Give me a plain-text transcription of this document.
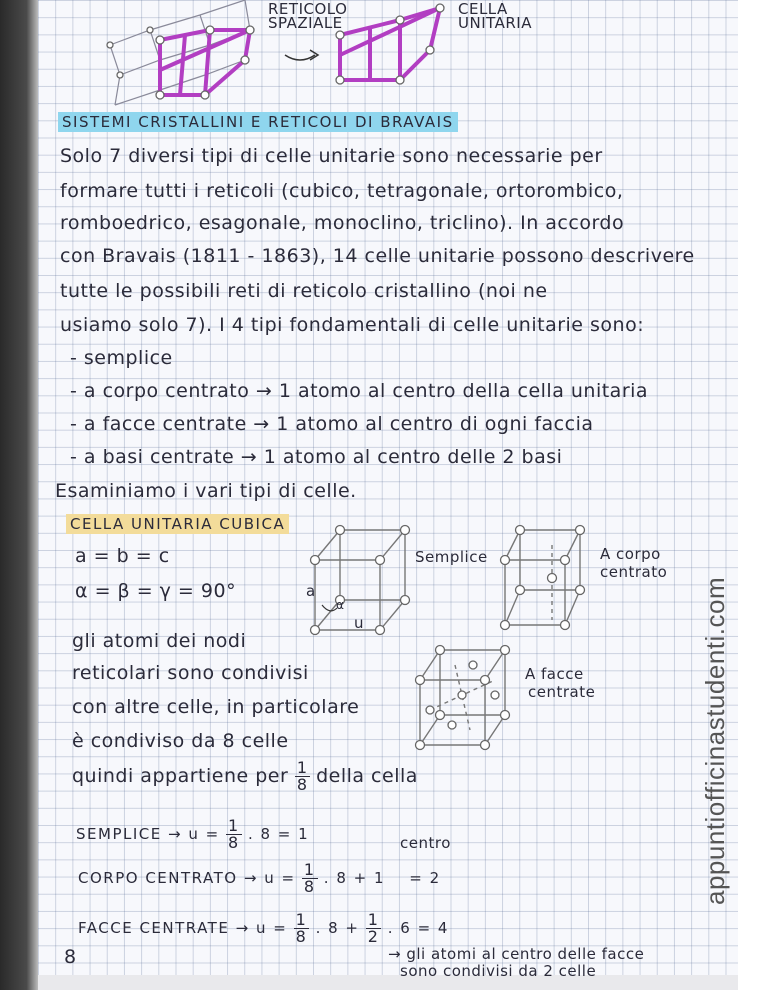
RETICOLO
SPAZIALE
CELLA
UNITARIA
SISTEMI CRISTALLINI E RETICOLI DI BRAVAIS
Solo 7 diversi tipi di celle unitarie sono necessarie per
formare tutti i reticoli (cubico, tetragonale, ortorombico,
romboedrico, esagonale, monoclino, triclino). In accordo
con Bravais (1811 - 1863), 14 celle unitarie possono descrivere
tutte le possibili reti di reticolo cristallino (noi ne
usiamo solo 7). I 4 tipi fondamentali di celle unitarie sono:
- semplice
- a corpo centrato → 1 atomo al centro della cella unitaria
- a facce centrate → 1 atomo al centro di ogni faccia
- a basi centrate → 1 atomo al centro delle 2 basi
Esaminiamo i vari tipi di celle.
CELLA UNITARIA CUBICA
a = b = c
α = β = γ = 90°	a
α
u
Semplice	A corpo
centrato
A facce
centrate
gli atomi dei nodi
reticolari sono condivisi
con altre celle, in particolare
è condiviso da 8 celle
quindi appartiene per $\frac{1}{8}$ della cella
SEMPLICE → $u = \frac{1}{8}$ . 8 = 1	centro
CORPO CENTRATO → $u = \frac{1}{8}$ . 8 + 1 = 2
FACCE CENTRATE → $u = \frac{1}{8}$ . $8 + \frac{1}{2}$ . 6 = 4
→ gli atomi al centro delle facce
sono condivisi da 2 celle
8
appuntiofficinastudenti.com
